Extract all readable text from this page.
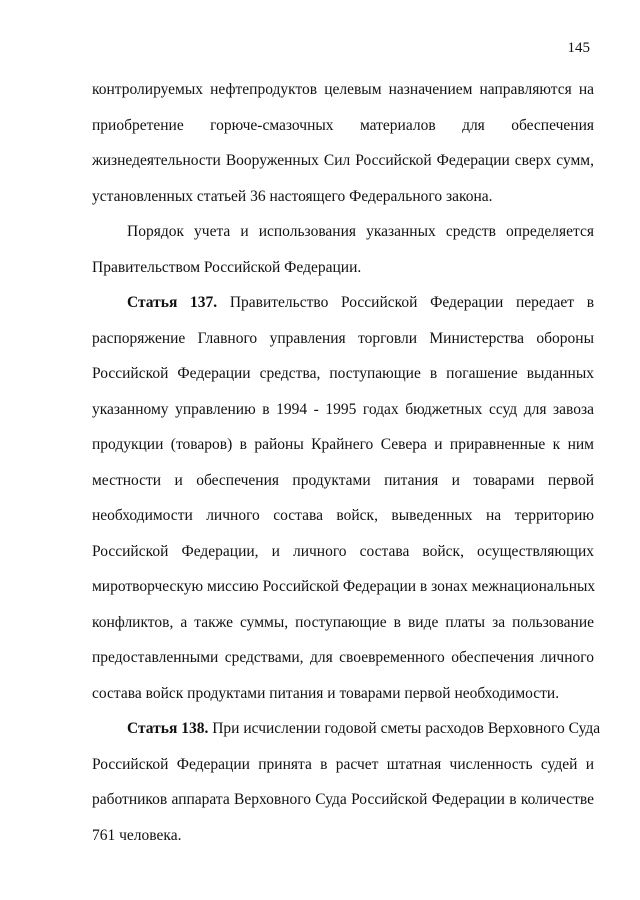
145
контролируемых нефтепродуктов целевым назначением направляются на
приобретение горюче-смазочных материалов для обеспечения
жизнедеятельности Вооруженных Сил Российской Федерации сверх сумм,
установленных статьей 36 настоящего Федерального закона.
Порядок учета и использования указанных средств определяется
Правительством Российской Федерации.
Статья 137. Правительство Российской Федерации передает в
распоряжение Главного управления торговли Министерства обороны
Российской Федерации средства, поступающие в погашение выданных
указанному управлению в 1994 - 1995 годах бюджетных ссуд для завоза
продукции (товаров) в районы Крайнего Севера и приравненные к ним
местности и обеспечения продуктами питания и товарами первой
необходимости личного состава войск, выведенных на территорию
Российской Федерации, и личного состава войск, осуществляющих
миротворческую миссию Российской Федерации в зонах межнациональных
конфликтов, а также суммы, поступающие в виде платы за пользование
предоставленными средствами, для своевременного обеспечения личного
состава войск продуктами питания и товарами первой необходимости.
Статья 138. При исчислении годовой сметы расходов Верховного Суда
Российской Федерации принята в расчет штатная численность судей и
работников аппарата Верховного Суда Российской Федерации в количестве
761 человека.
